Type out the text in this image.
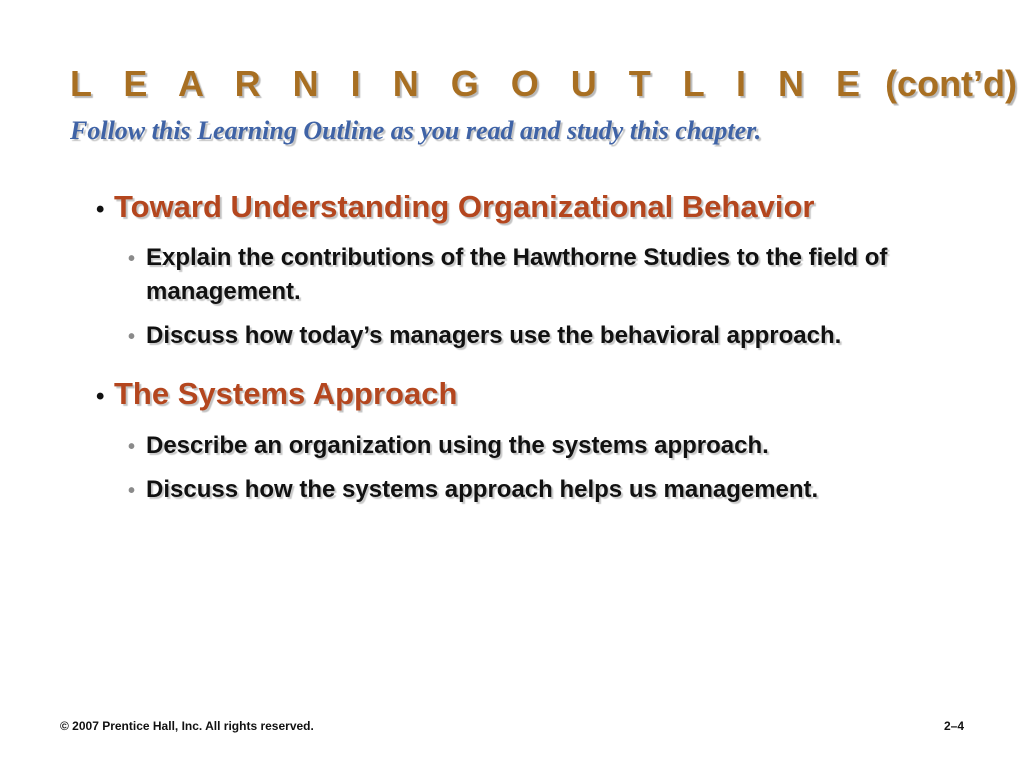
L E A R N I N G O U T L I N E (cont’d)
Follow this Learning Outline as you read and study this chapter.
• Toward Understanding Organizational Behavior
• Explain the contributions of the Hawthorne Studies to the field of management.
• Discuss how today’s managers use the behavioral approach.
• The Systems Approach
• Describe an organization using the systems approach.
• Discuss how the systems approach helps us management.
© 2007 Prentice Hall, Inc. All rights reserved.	2–4
